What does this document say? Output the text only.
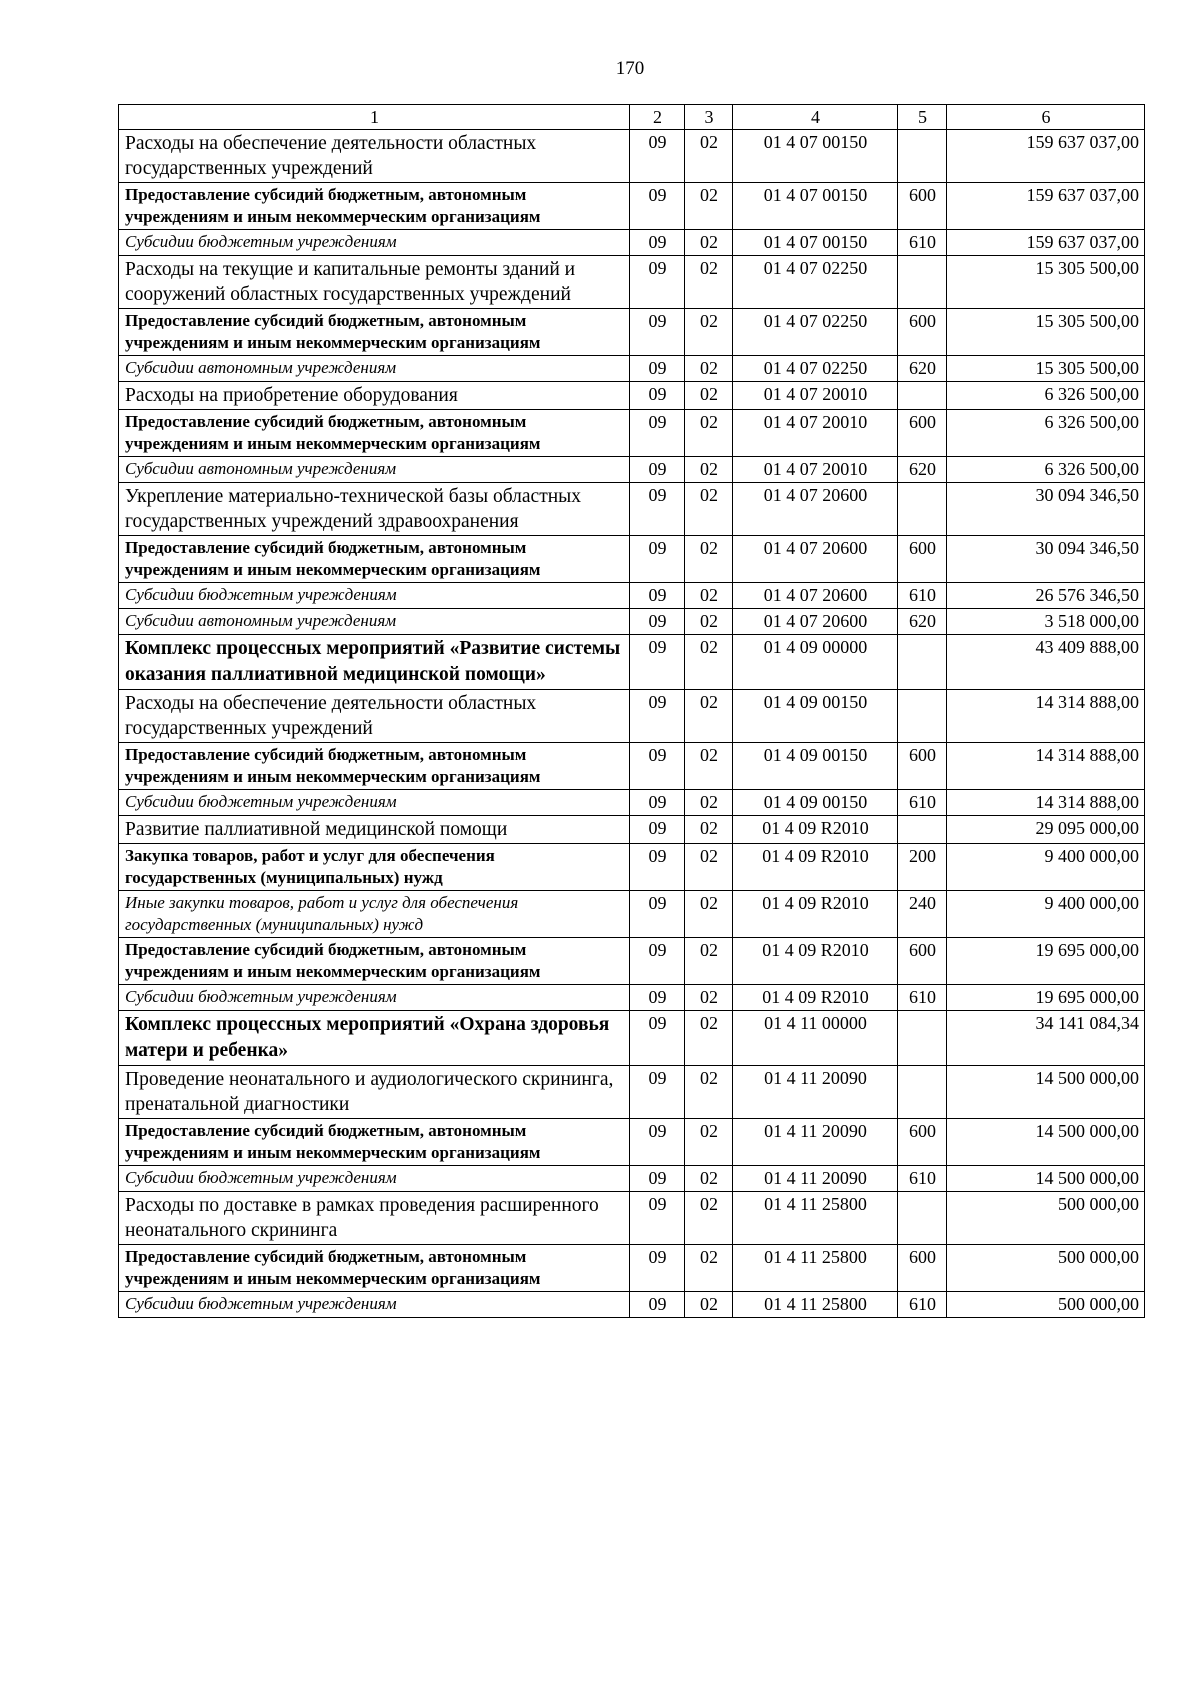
170
1	2	3	4	5	6
Расходы на обеспечение деятельности областных государственных учреждений	09	02	01 4 07 00150		159 637 037,00
Предоставление субсидий бюджетным, автономным учреждениям и иным некоммерческим организациям	09	02	01 4 07 00150	600	159 637 037,00
Субсидии бюджетным учреждениям	09	02	01 4 07 00150	610	159 637 037,00
Расходы на текущие и капитальные ремонты зданий и сооружений областных государственных учреждений	09	02	01 4 07 02250		15 305 500,00
Предоставление субсидий бюджетным, автономным учреждениям и иным некоммерческим организациям	09	02	01 4 07 02250	600	15 305 500,00
Субсидии автономным учреждениям	09	02	01 4 07 02250	620	15 305 500,00
Расходы на приобретение оборудования	09	02	01 4 07 20010		6 326 500,00
Предоставление субсидий бюджетным, автономным учреждениям и иным некоммерческим организациям	09	02	01 4 07 20010	600	6 326 500,00
Субсидии автономным учреждениям	09	02	01 4 07 20010	620	6 326 500,00
Укрепление материально-технической базы областных государственных учреждений здравоохранения	09	02	01 4 07 20600		30 094 346,50
Предоставление субсидий бюджетным, автономным учреждениям и иным некоммерческим организациям	09	02	01 4 07 20600	600	30 094 346,50
Субсидии бюджетным учреждениям	09	02	01 4 07 20600	610	26 576 346,50
Субсидии автономным учреждениям	09	02	01 4 07 20600	620	3 518 000,00
Комплекс процессных мероприятий «Развитие системы оказания паллиативной медицинской помощи»	09	02	01 4 09 00000		43 409 888,00
Расходы на обеспечение деятельности областных государственных учреждений	09	02	01 4 09 00150		14 314 888,00
Предоставление субсидий бюджетным, автономным учреждениям и иным некоммерческим организациям	09	02	01 4 09 00150	600	14 314 888,00
Субсидии бюджетным учреждениям	09	02	01 4 09 00150	610	14 314 888,00
Развитие паллиативной медицинской помощи	09	02	01 4 09 R2010		29 095 000,00
Закупка товаров, работ и услуг для обеспечения государственных (муниципальных) нужд	09	02	01 4 09 R2010	200	9 400 000,00
Иные закупки товаров, работ и услуг для обеспечения государственных (муниципальных) нужд	09	02	01 4 09 R2010	240	9 400 000,00
Предоставление субсидий бюджетным, автономным учреждениям и иным некоммерческим организациям	09	02	01 4 09 R2010	600	19 695 000,00
Субсидии бюджетным учреждениям	09	02	01 4 09 R2010	610	19 695 000,00
Комплекс процессных мероприятий «Охрана здоровья матери и ребенка»	09	02	01 4 11 00000		34 141 084,34
Проведение неонатального и аудиологического скрининга, пренатальной диагностики	09	02	01 4 11 20090		14 500 000,00
Предоставление субсидий бюджетным, автономным учреждениям и иным некоммерческим организациям	09	02	01 4 11 20090	600	14 500 000,00
Субсидии бюджетным учреждениям	09	02	01 4 11 20090	610	14 500 000,00
Расходы по доставке в рамках проведения расширенного неонатального скрининга	09	02	01 4 11 25800		500 000,00
Предоставление субсидий бюджетным, автономным учреждениям и иным некоммерческим организациям	09	02	01 4 11 25800	600	500 000,00
Субсидии бюджетным учреждениям	09	02	01 4 11 25800	610	500 000,00
